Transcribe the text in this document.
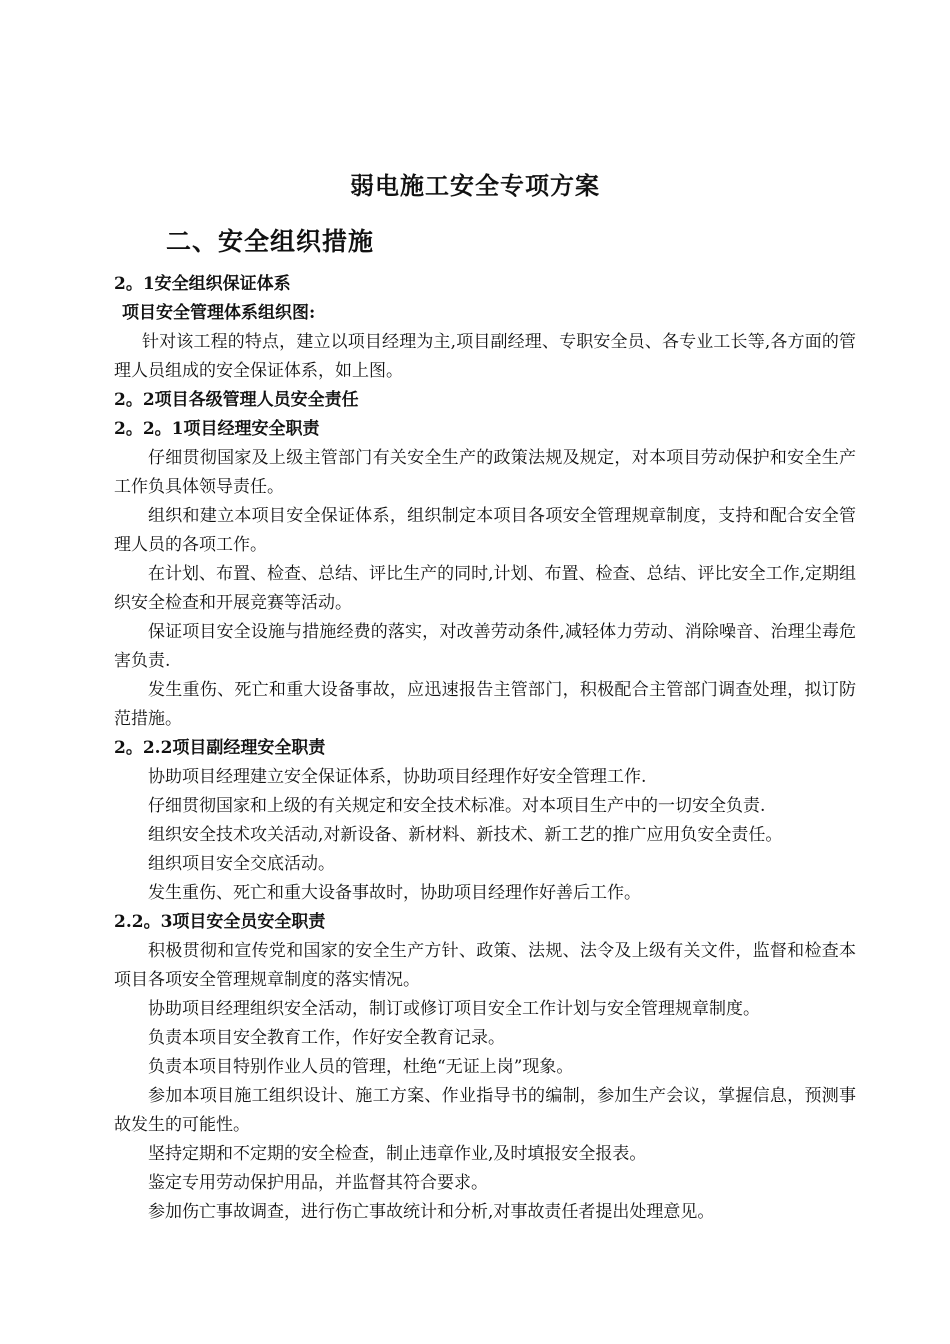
弱电施工安全专项方案
二、安全组织措施

2。1安全组织保证体系

项目安全管理体系组织图:

针对该工程的特点，建立以项目经理为主,项目副经理、专职安全员、各专业工长等,各方面的管理人员组成的安全保证体系，如上图。

2。2项目各级管理人员安全责任

2。2。1项目经理安全职责

仔细贯彻国家及上级主管部门有关安全生产的政策法规及规定，对本项目劳动保护和安全生产工作负具体领导责任。

组织和建立本项目安全保证体系，组织制定本项目各项安全管理规章制度，支持和配合安全管理人员的各项工作。

在计划、布置、检查、总结、评比生产的同时,计划、布置、检查、总结、评比安全工作,定期组织安全检查和开展竞赛等活动。

保证项目安全设施与措施经费的落实，对改善劳动条件,减轻体力劳动、消除噪音、治理尘毒危害负责.

发生重伤、死亡和重大设备事故，应迅速报告主管部门，积极配合主管部门调查处理，拟订防范措施。

2。2.2项目副经理安全职责

协助项目经理建立安全保证体系，协助项目经理作好安全管理工作.

仔细贯彻国家和上级的有关规定和安全技术标准。对本项目生产中的一切安全负责.

组织安全技术攻关活动,对新设备、新材料、新技术、新工艺的推广应用负安全责任。

组织项目安全交底活动。

发生重伤、死亡和重大设备事故时，协助项目经理作好善后工作。

2.2。3项目安全员安全职责

积极贯彻和宣传党和国家的安全生产方针、政策、法规、法令及上级有关文件，监督和检查本项目各项安全管理规章制度的落实情况。

协助项目经理组织安全活动，制订或修订项目安全工作计划与安全管理规章制度。

负责本项目安全教育工作，作好安全教育记录。

负责本项目特别作业人员的管理，杜绝“无证上岗”现象。

参加本项目施工组织设计、施工方案、作业指导书的编制，参加生产会议，掌握信息，预测事故发生的可能性。

坚持定期和不定期的安全检查，制止违章作业,及时填报安全报表。

鉴定专用劳动保护用品，并监督其符合要求。

参加伤亡事故调查，进行伤亡事故统计和分析,对事故责任者提出处理意见。
